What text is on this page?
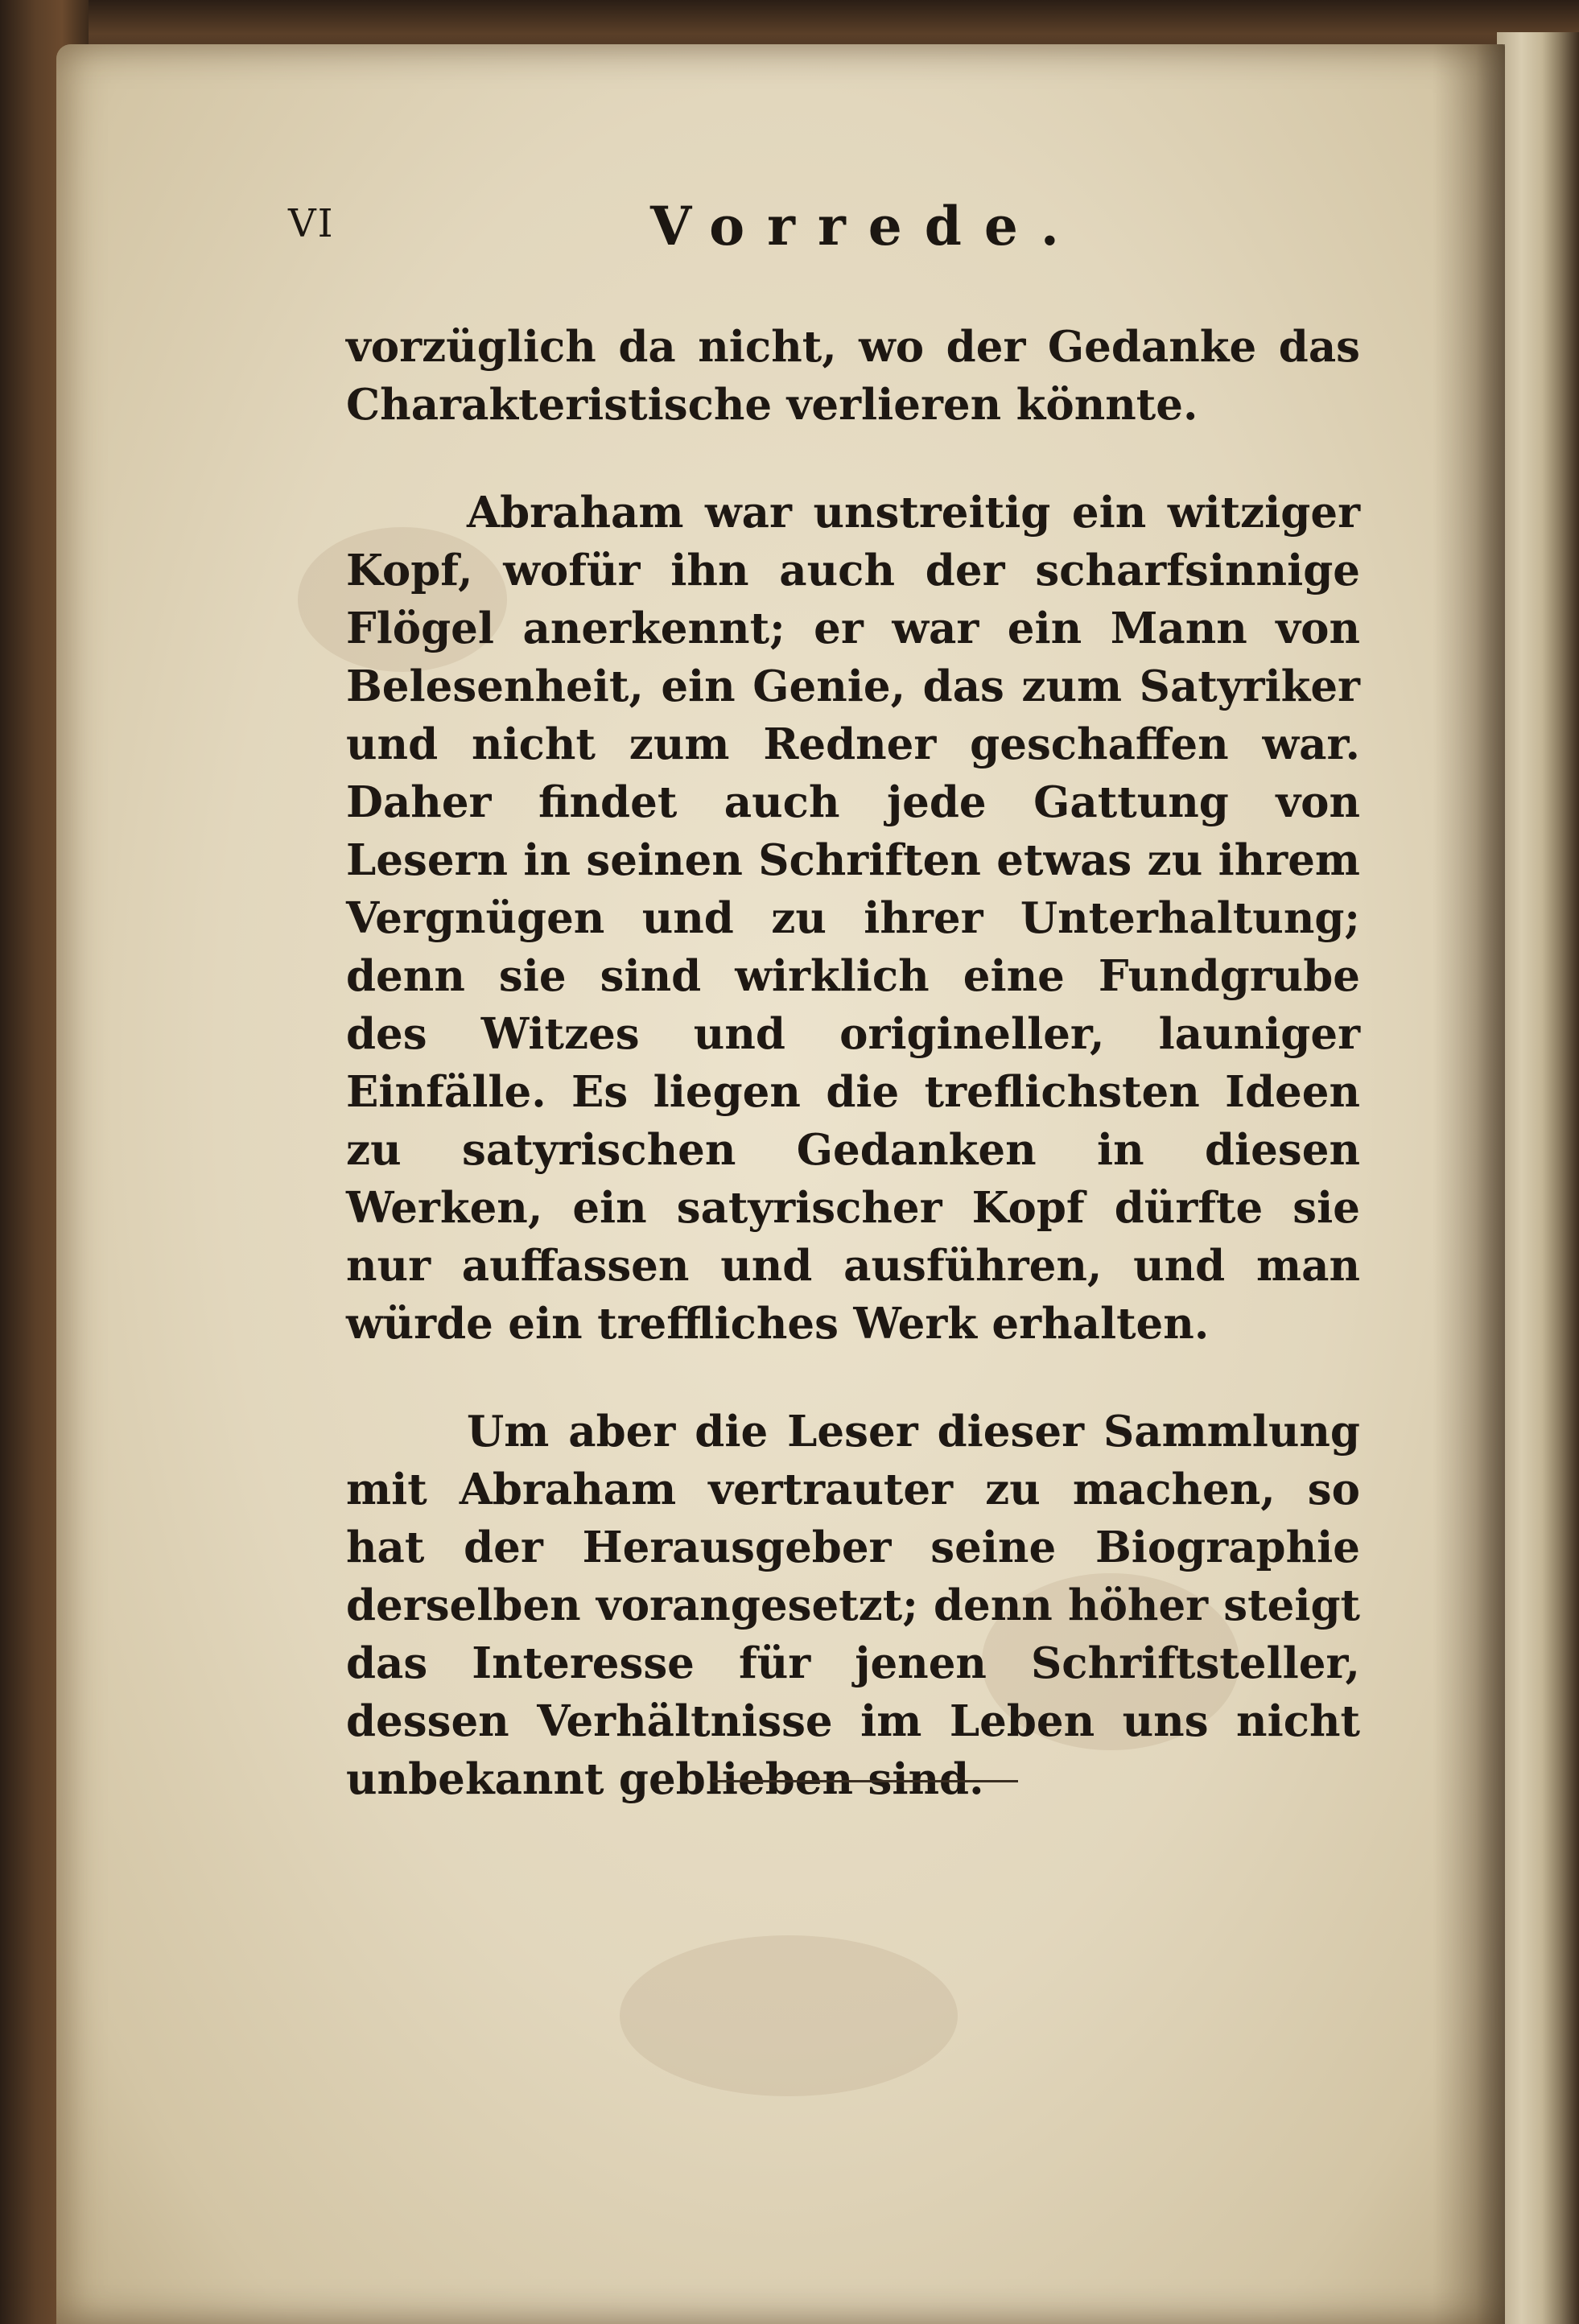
VI	Vorrede.

vorzüglich da nicht, wo der Gedanke das Charakteristische verlieren könnte.

Abraham war unstreitig ein witziger Kopf, wofür ihn auch der scharfsinnige Flögel anerkennt; er war ein Mann von Belesenheit, ein Genie, das zum Satyriker und nicht zum Redner geschaffen war. Daher findet auch jede Gattung von Lesern in seinen Schriften etwas zu ihrem Vergnügen und zu ihrer Unterhaltung; denn sie sind wirklich eine Fundgrube des Witzes und origineller, launiger Einfälle. Es liegen die treflichsten Ideen zu satyrischen Gedanken in diesen Werken, ein satyrischer Kopf dürfte sie nur auffassen und ausführen, und man würde ein treffliches Werk erhalten.

Um aber die Leser dieser Sammlung mit Abraham vertrauter zu machen, so hat der Herausgeber seine Biographie derselben vorangesetzt; denn höher steigt das Interesse für jenen Schriftsteller, dessen Verhältnisse im Leben uns nicht unbekannt geblieben sind.
